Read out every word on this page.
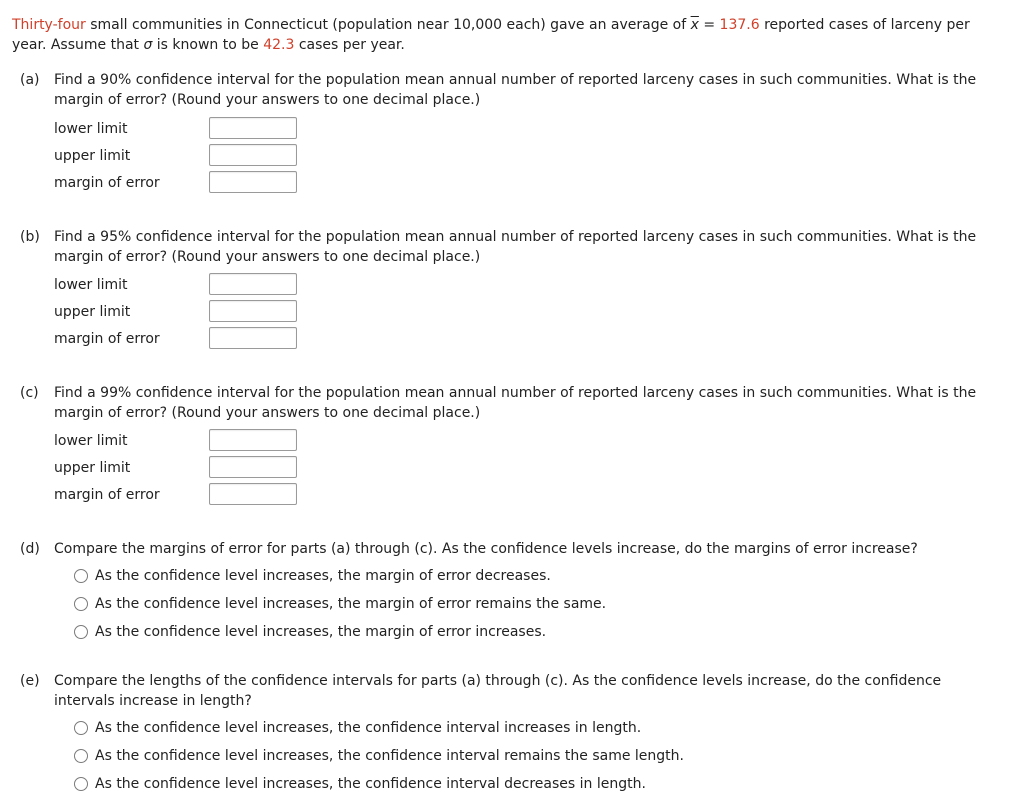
Thirty-four small communities in Connecticut (population near 10,000 each) gave an average of $\overline{x} = 137.6$ reported cases of larceny per year. Assume that σ is known to be 42.3 cases per year.
(a)	Find a 90% confidence interval for the population mean annual number of reported larceny cases in such communities. What is the margin of error? (Round your answers to one decimal place.)
lower limit
upper limit
margin of error
(b)	Find a 95% confidence interval for the population mean annual number of reported larceny cases in such communities. What is the margin of error? (Round your answers to one decimal place.)
lower limit
upper limit
margin of error
(c)	Find a 99% confidence interval for the population mean annual number of reported larceny cases in such communities. What is the margin of error? (Round your answers to one decimal place.)
lower limit
upper limit
margin of error
(d)	Compare the margins of error for parts (a) through (c). As the confidence levels increase, do the margins of error increase?
As the confidence level increases, the margin of error decreases.
As the confidence level increases, the margin of error remains the same.
As the confidence level increases, the margin of error increases.
(e)	Compare the lengths of the confidence intervals for parts (a) through (c). As the confidence levels increase, do the confidence intervals increase in length?
As the confidence level increases, the confidence interval increases in length.
As the confidence level increases, the confidence interval remains the same length.
As the confidence level increases, the confidence interval decreases in length.
